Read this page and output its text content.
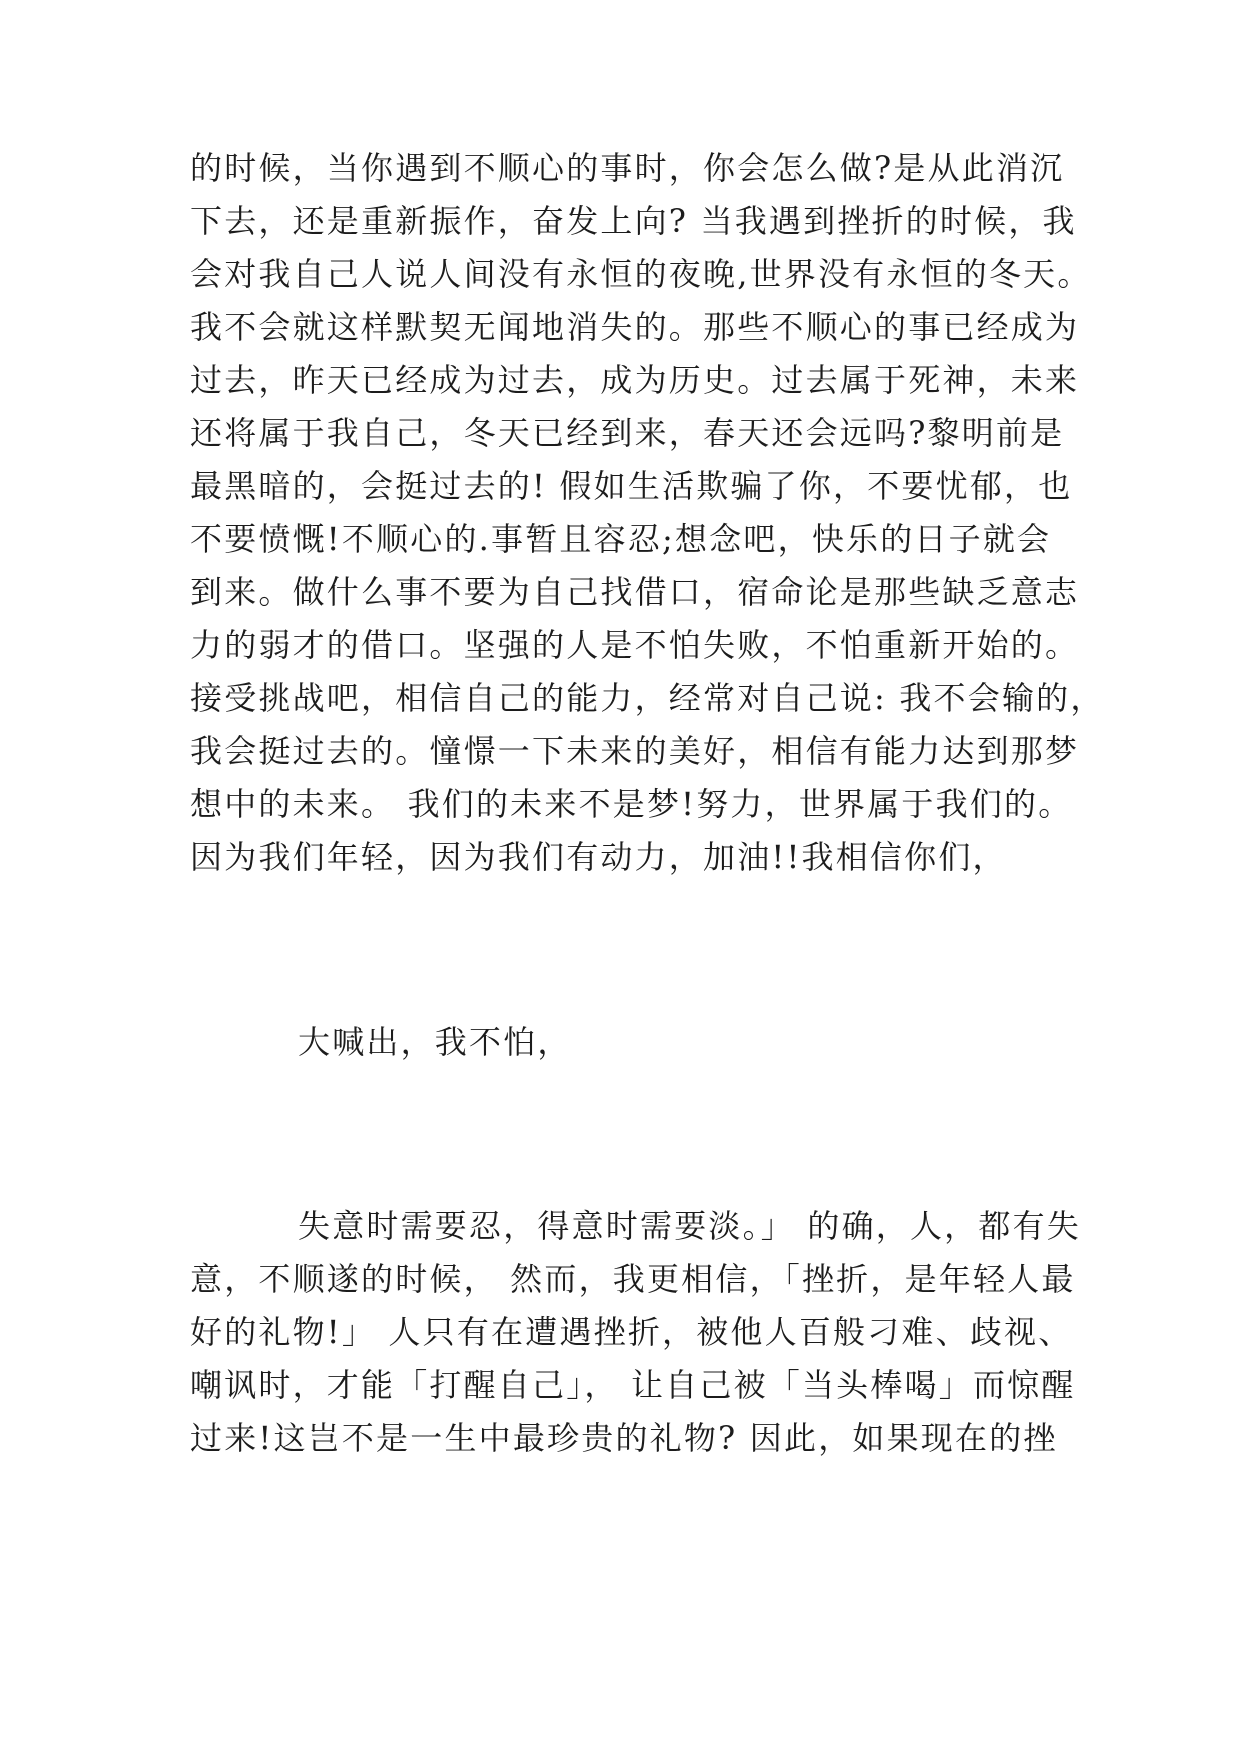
的时候，当你遇到不顺心的事时，你会怎么做?是从此消沉
下去，还是重新振作，奋发上向? 当我遇到挫折的时候，我
会对我自己人说人间没有永恒的夜晚,世界没有永恒的冬天。
我不会就这样默契无闻地消失的。那些不顺心的事已经成为
过去，昨天已经成为过去，成为历史。过去属于死神，未来
还将属于我自己，冬天已经到来，春天还会远吗?黎明前是
最黑暗的，会挺过去的! 假如生活欺骗了你，不要忧郁，也
不要愤慨!不顺心的.事暂且容忍;想念吧，快乐的日子就会
到来。做什么事不要为自己找借口，宿命论是那些缺乏意志
力的弱才的借口。坚强的人是不怕失败，不怕重新开始的。
接受挑战吧，相信自己的能力，经常对自己说: 我不会输的，
我会挺过去的。憧憬一下未来的美好，相信有能力达到那梦
想中的未来。 我们的未来不是梦!努力，世界属于我们的。
因为我们年轻，因为我们有动力，加油!!我相信你们，
大喊出，我不怕，
失意时需要忍，得意时需要淡。」 的确，人，都有失
意，不顺遂的时候， 然而，我更相信，「挫折，是年轻人最
好的礼物!」 人只有在遭遇挫折，被他人百般刁难、歧视、
嘲讽时，才能「打醒自己」， 让自己被「当头棒喝」而惊醒
过来!这岂不是一生中最珍贵的礼物? 因此，如果现在的挫
